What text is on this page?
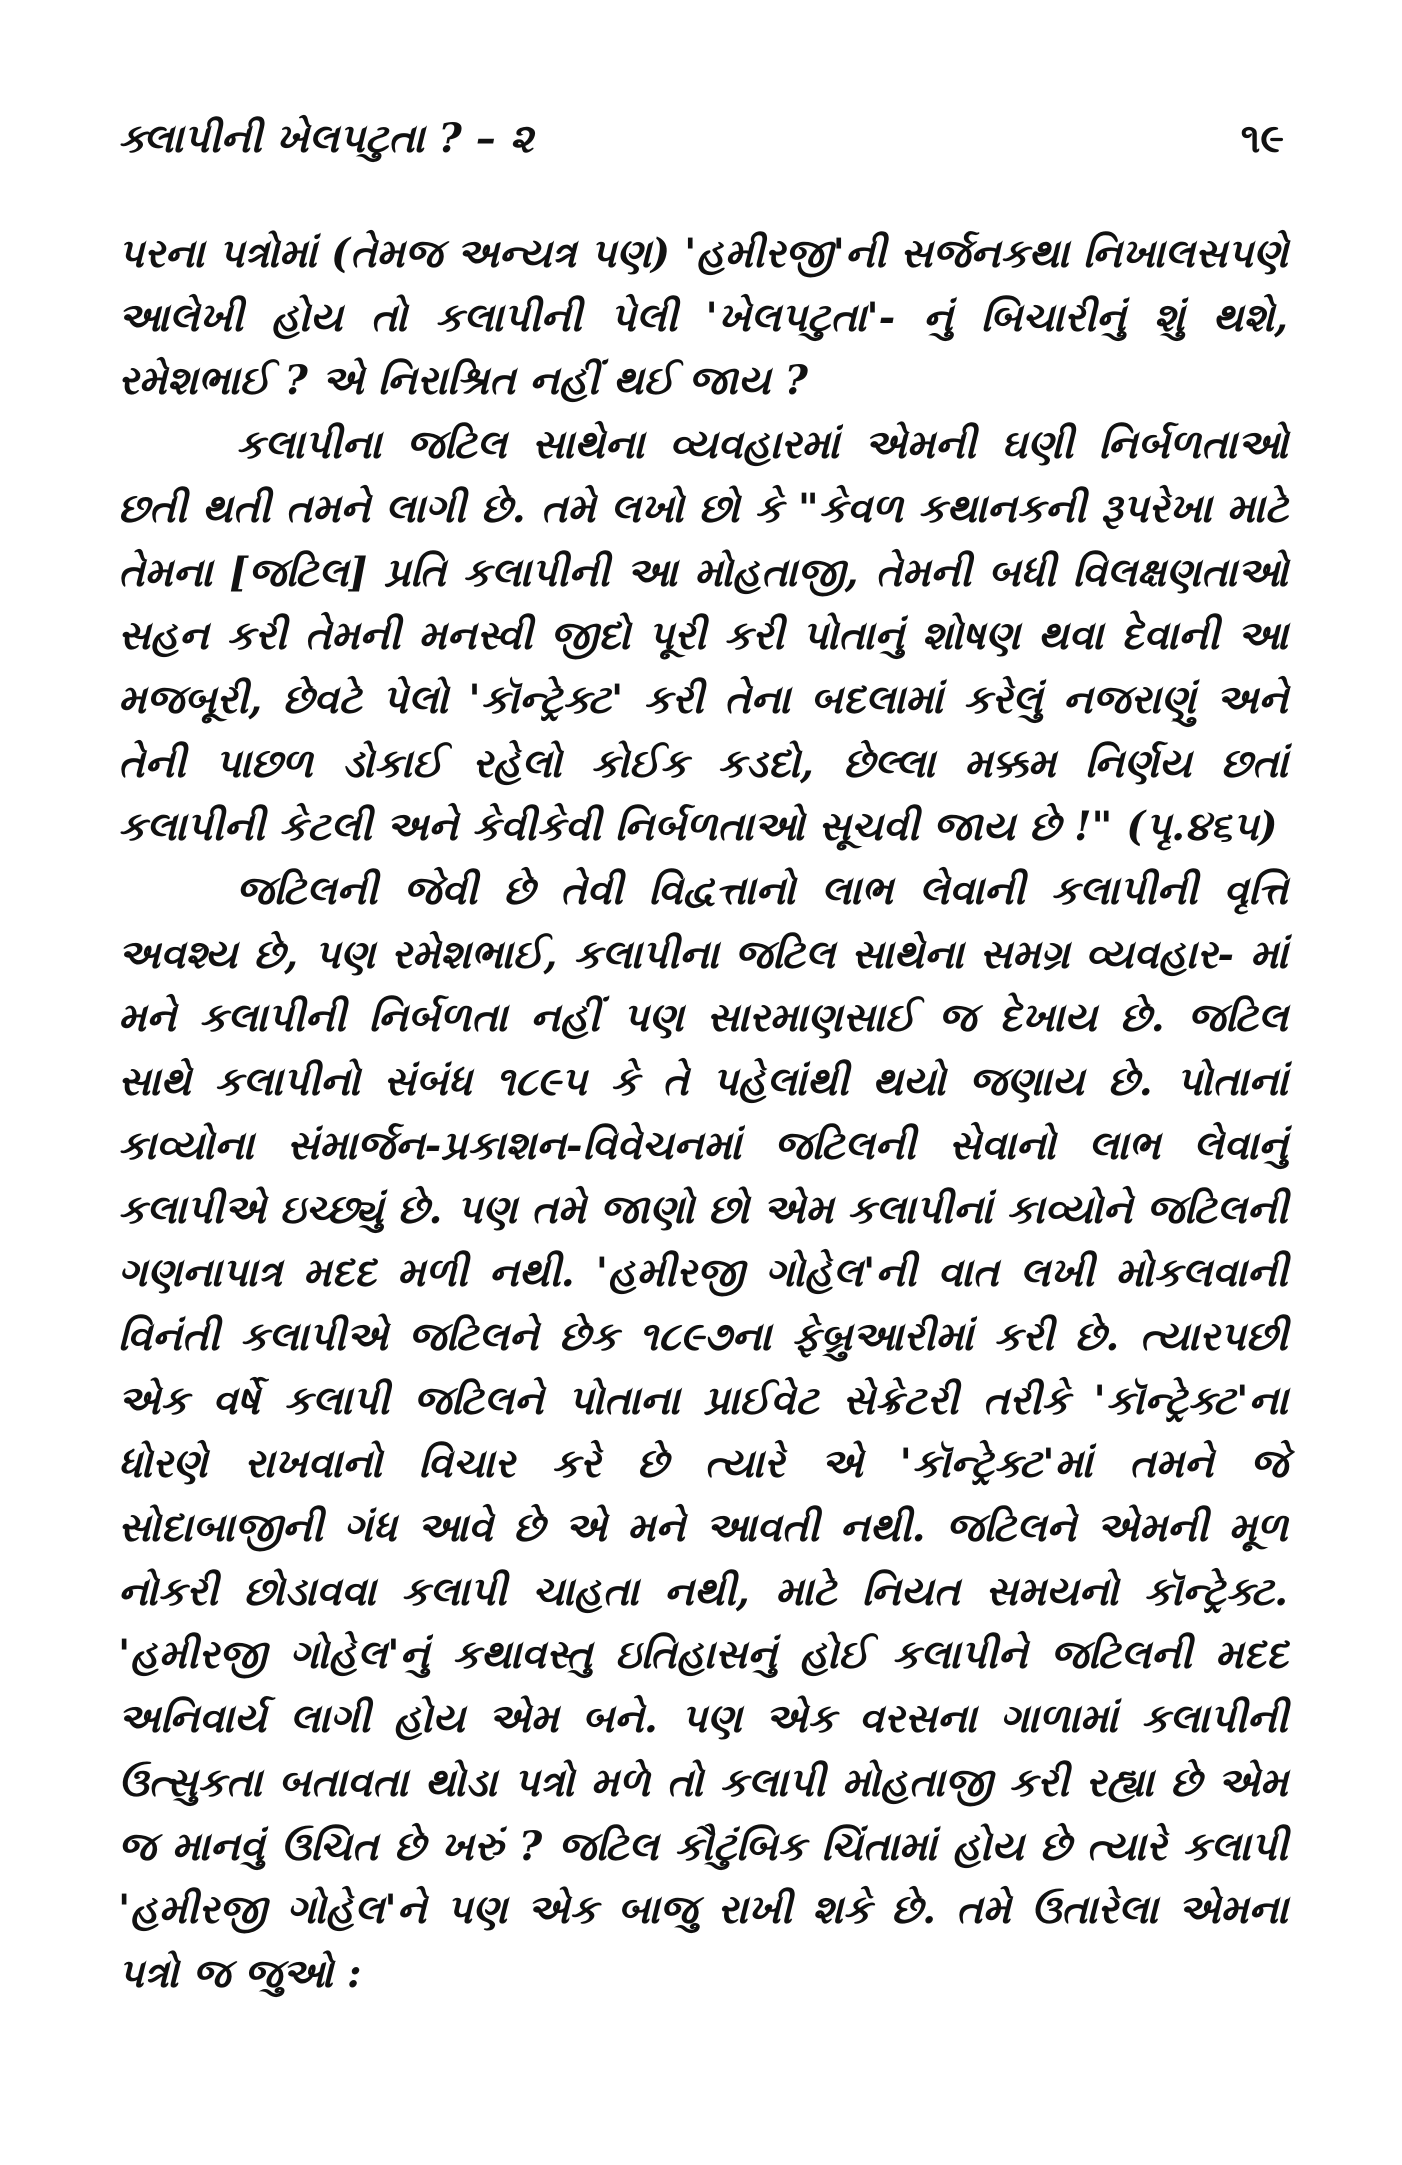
ક્લાપીની ખેલપટુતા ? – ૨	૧૯

પરના પત્રોમાં (તેમજ અન્યત્ર પણ) 'હમીરજી'ની સર્જનકથા નિખાલસપણે આલેખી હોય તો કલાપીની પેલી 'ખેલપટુતા'- નું બિચારીનું શું થશે, રમેશભાઈ ? એ નિરાશ્રિત નહીં થઈ જાય ?

કલાપીના જટિલ સાથેના વ્યવહારમાં એમની ઘણી નિર્બળતાઓ છતી થતી તમને લાગી છે. તમે લખો છો કે "કેવળ કથાનકની રૂપરેખા માટે તેમના [જટિલ] પ્રતિ કલાપીની આ મોહતાજી, તેમની બધી વિલક્ષણતાઓ સહન કરી તેમની મનસ્વી જીદો પૂરી કરી પોતાનું શોષણ થવા દેવાની આ મજબૂરી, છેવટે પેલો 'કૉન્ટ્રેક્ટ' કરી તેના બદલામાં કરેલું નજરાણું અને તેની પાછળ ડોકાઈ રહેલો કોઈક કડદો, છેલ્લા મક્કમ નિર્ણય છતાં કલાપીની કેટલી અને કેવીકેવી નિર્બળતાઓ સૂચવી જાય છે !" (પૃ.૪૬૫)

જટિલની જેવી છે તેવી વિદ્વત્તાનો લાભ લેવાની કલાપીની વૃત્તિ અવશ્ય છે, પણ રમેશભાઈ, કલાપીના જટિલ સાથેના સમગ્ર વ્યવહાર- માં મને કલાપીની નિર્બળતા નહીં પણ સારમાણસાઈ જ દેખાય છે. જટિલ સાથે કલાપીનો સંબંધ ૧૮૯૫ કે તે પહેલાંથી થયો જણાય છે. પોતાનાં કાવ્યોના સંમાર્જન-પ્રકાશન-વિવેચનમાં જટિલની સેવાનો લાભ લેવાનું કલાપીએ ઇચ્છ્યું છે. પણ તમે જાણો છો એમ કલાપીનાં કાવ્યોને જટિલની ગણનાપાત્ર મદદ મળી નથી. 'હમીરજી ગોહેલ'ની વાત લખી મોકલવાની વિનંતી કલાપીએ જટિલને છેક ૧૮૯૭ના ફેબ્રુઆરીમાં કરી છે. ત્યારપછી એક વર્ષે કલાપી જટિલને પોતાના પ્રાઈવેટ સેક્રેટરી તરીકે 'કૉન્ટ્રેક્ટ'ના ધોરણે રાખવાનો વિચાર કરે છે ત્યારે એ 'કૉન્ટ્રેક્ટ'માં તમને જે સોદાબાજીની ગંધ આવે છે એ મને આવતી નથી. જટિલને એમની મૂળ નોકરી છોડાવવા કલાપી ચાહતા નથી, માટે નિયત સમયનો કૉન્ટ્રેક્ટ. 'હમીરજી ગોહેલ'નું કથાવસ્તુ ઇતિહાસનું હોઈ કલાપીને જટિલની મદદ અનિવાર્ય લાગી હોય એમ બને. પણ એક વરસના ગાળામાં કલાપીની ઉત્સુકતા બતાવતા થોડા પત્રો મળે તો કલાપી મોહતાજી કરી રહ્યા છે એમ જ માનવું ઉચિત છે ખરું ? જટિલ કૌટુંબિક ચિંતામાં હોય છે ત્યારે કલાપી 'હમીરજી ગોહેલ'ને પણ એક બાજુ રાખી શકે છે. તમે ઉતારેલા એમના પત્રો જ જુઓ :
